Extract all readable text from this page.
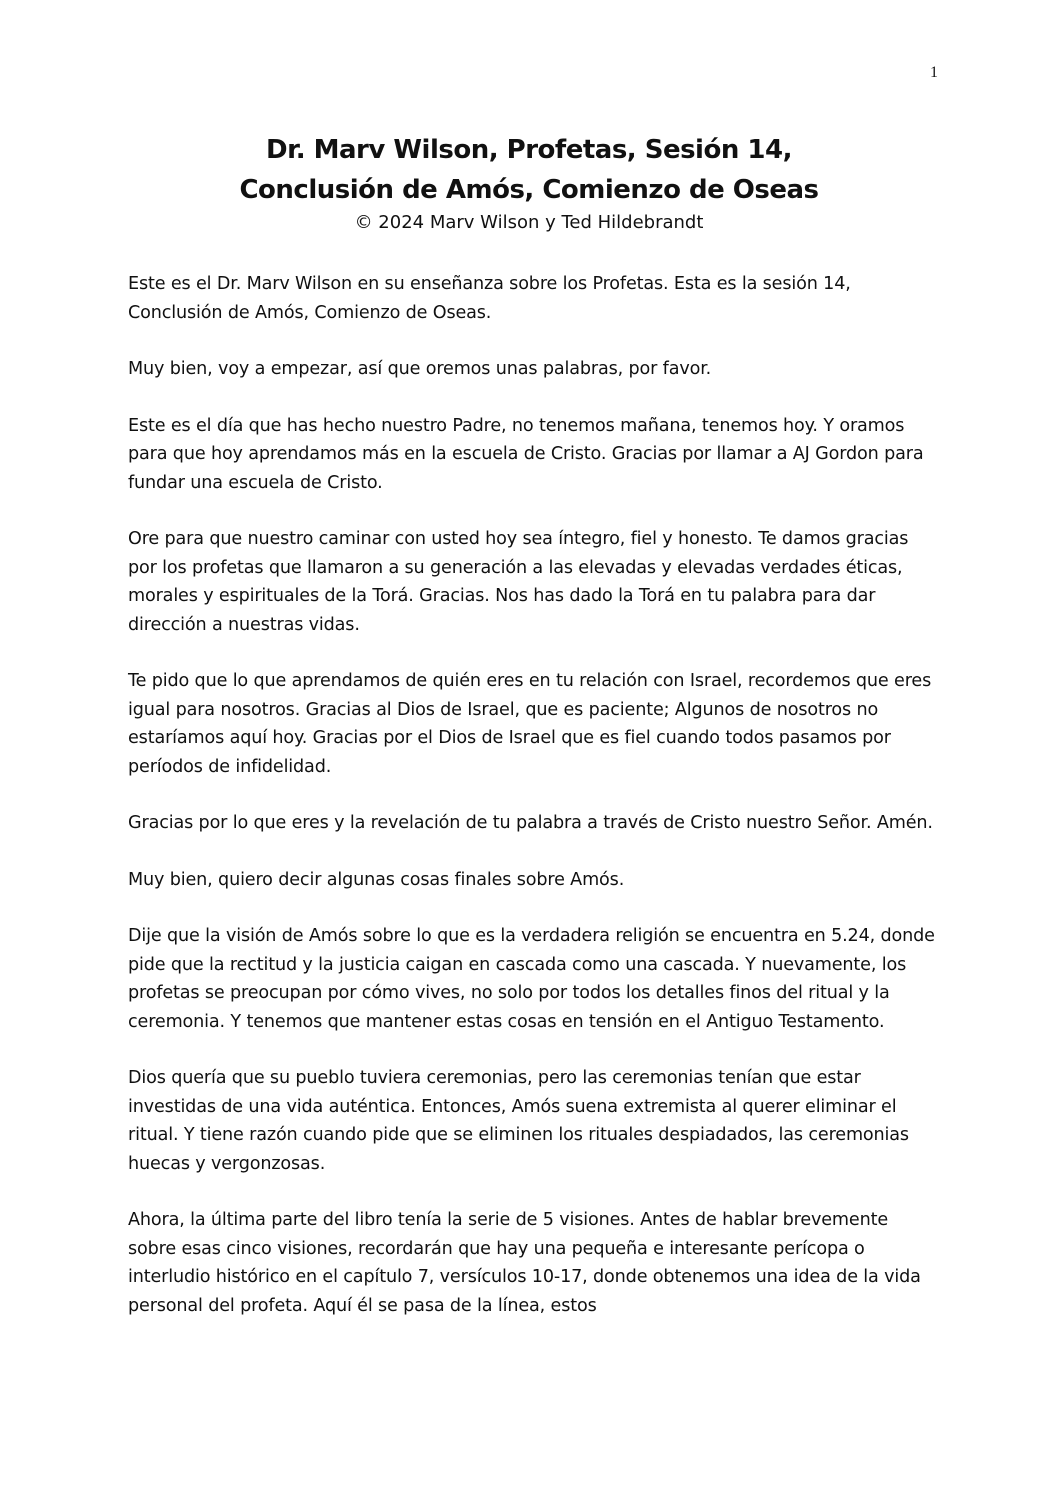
1
Dr. Marv Wilson, Profetas, Sesión 14,
Conclusión de Amós, Comienzo de Oseas
© 2024 Marv Wilson y Ted Hildebrandt

Este es el Dr. Marv Wilson en su enseñanza sobre los Profetas. Esta es la sesión 14, Conclusión de Amós, Comienzo de Oseas.

Muy bien, voy a empezar, así que oremos unas palabras, por favor.

Este es el día que has hecho nuestro Padre, no tenemos mañana, tenemos hoy. Y oramos para que hoy aprendamos más en la escuela de Cristo. Gracias por llamar a AJ Gordon para fundar una escuela de Cristo.

Ore para que nuestro caminar con usted hoy sea íntegro, fiel y honesto. Te damos gracias por los profetas que llamaron a su generación a las elevadas y elevadas verdades éticas, morales y espirituales de la Torá. Gracias. Nos has dado la Torá en tu palabra para dar dirección a nuestras vidas.

Te pido que lo que aprendamos de quién eres en tu relación con Israel, recordemos que eres igual para nosotros. Gracias al Dios de Israel, que es paciente; Algunos de nosotros no estaríamos aquí hoy. Gracias por el Dios de Israel que es fiel cuando todos pasamos por períodos de infidelidad.

Gracias por lo que eres y la revelación de tu palabra a través de Cristo nuestro Señor. Amén.

Muy bien, quiero decir algunas cosas finales sobre Amós.

Dije que la visión de Amós sobre lo que es la verdadera religión se encuentra en 5.24, donde pide que la rectitud y la justicia caigan en cascada como una cascada. Y nuevamente, los profetas se preocupan por cómo vives, no solo por todos los detalles finos del ritual y la ceremonia. Y tenemos que mantener estas cosas en tensión en el Antiguo Testamento.

Dios quería que su pueblo tuviera ceremonias, pero las ceremonias tenían que estar investidas de una vida auténtica. Entonces, Amós suena extremista al querer eliminar el ritual. Y tiene razón cuando pide que se eliminen los rituales despiadados, las ceremonias huecas y vergonzosas.

Ahora, la última parte del libro tenía la serie de 5 visiones. Antes de hablar brevemente sobre esas cinco visiones, recordarán que hay una pequeña e interesante perícopa o interludio histórico en el capítulo 7, versículos 10-17, donde obtenemos una idea de la vida personal del profeta. Aquí él se pasa de la línea, estos
